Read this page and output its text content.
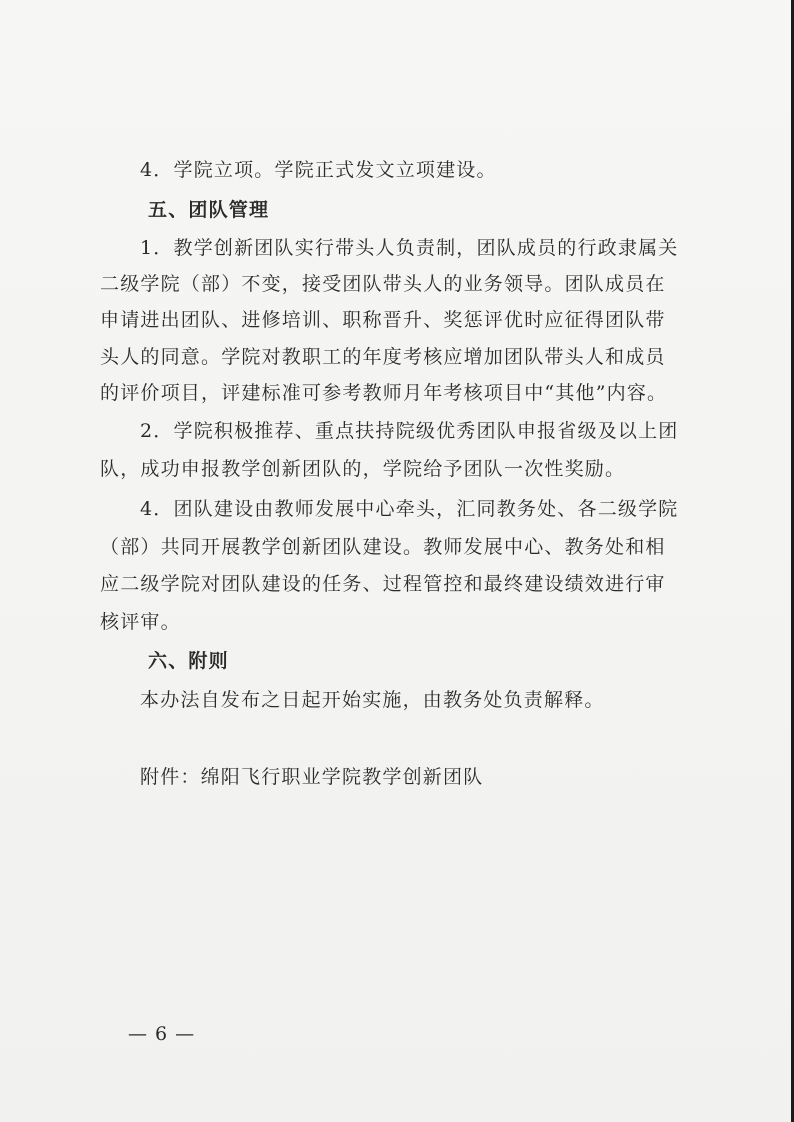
4．学院立项。学院正式发文立项建设。
五、团队管理
1．教学创新团队实行带头人负责制，团队成员的行政隶属关
二级学院（部）不变，接受团队带头人的业务领导。团队成员在
申请进出团队、进修培训、职称晋升、奖惩评优时应征得团队带
头人的同意。学院对教职工的年度考核应增加团队带头人和成员
的评价项目，评建标准可参考教师月年考核项目中“其他”内容。
2．学院积极推荐、重点扶持院级优秀团队申报省级及以上团
队，成功申报教学创新团队的，学院给予团队一次性奖励。
4．团队建设由教师发展中心牵头，汇同教务处、各二级学院
（部）共同开展教学创新团队建设。教师发展中心、教务处和相
应二级学院对团队建设的任务、过程管控和最终建设绩效进行审
核评审。
六、附则
本办法自发布之日起开始实施，由教务处负责解释。
附件：绵阳飞行职业学院教学创新团队
— 6 —
